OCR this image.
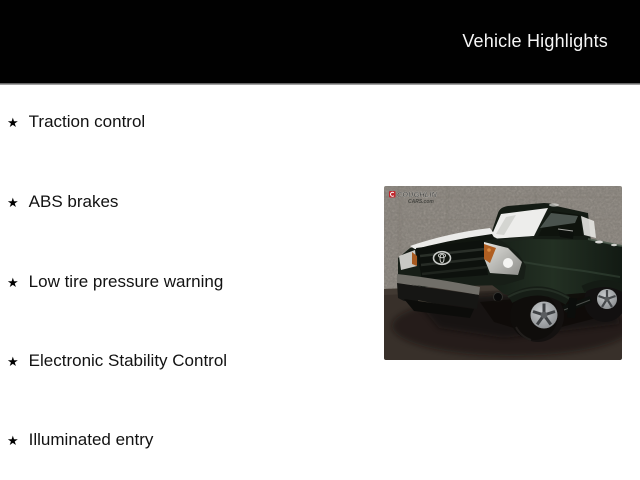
Vehicle Highlights
★ Traction control
★ ABS brakes
★ Low tire pressure warning
★ Electronic Stability Control
★ Illuminated entry
COUGHLIN
CARS.com
